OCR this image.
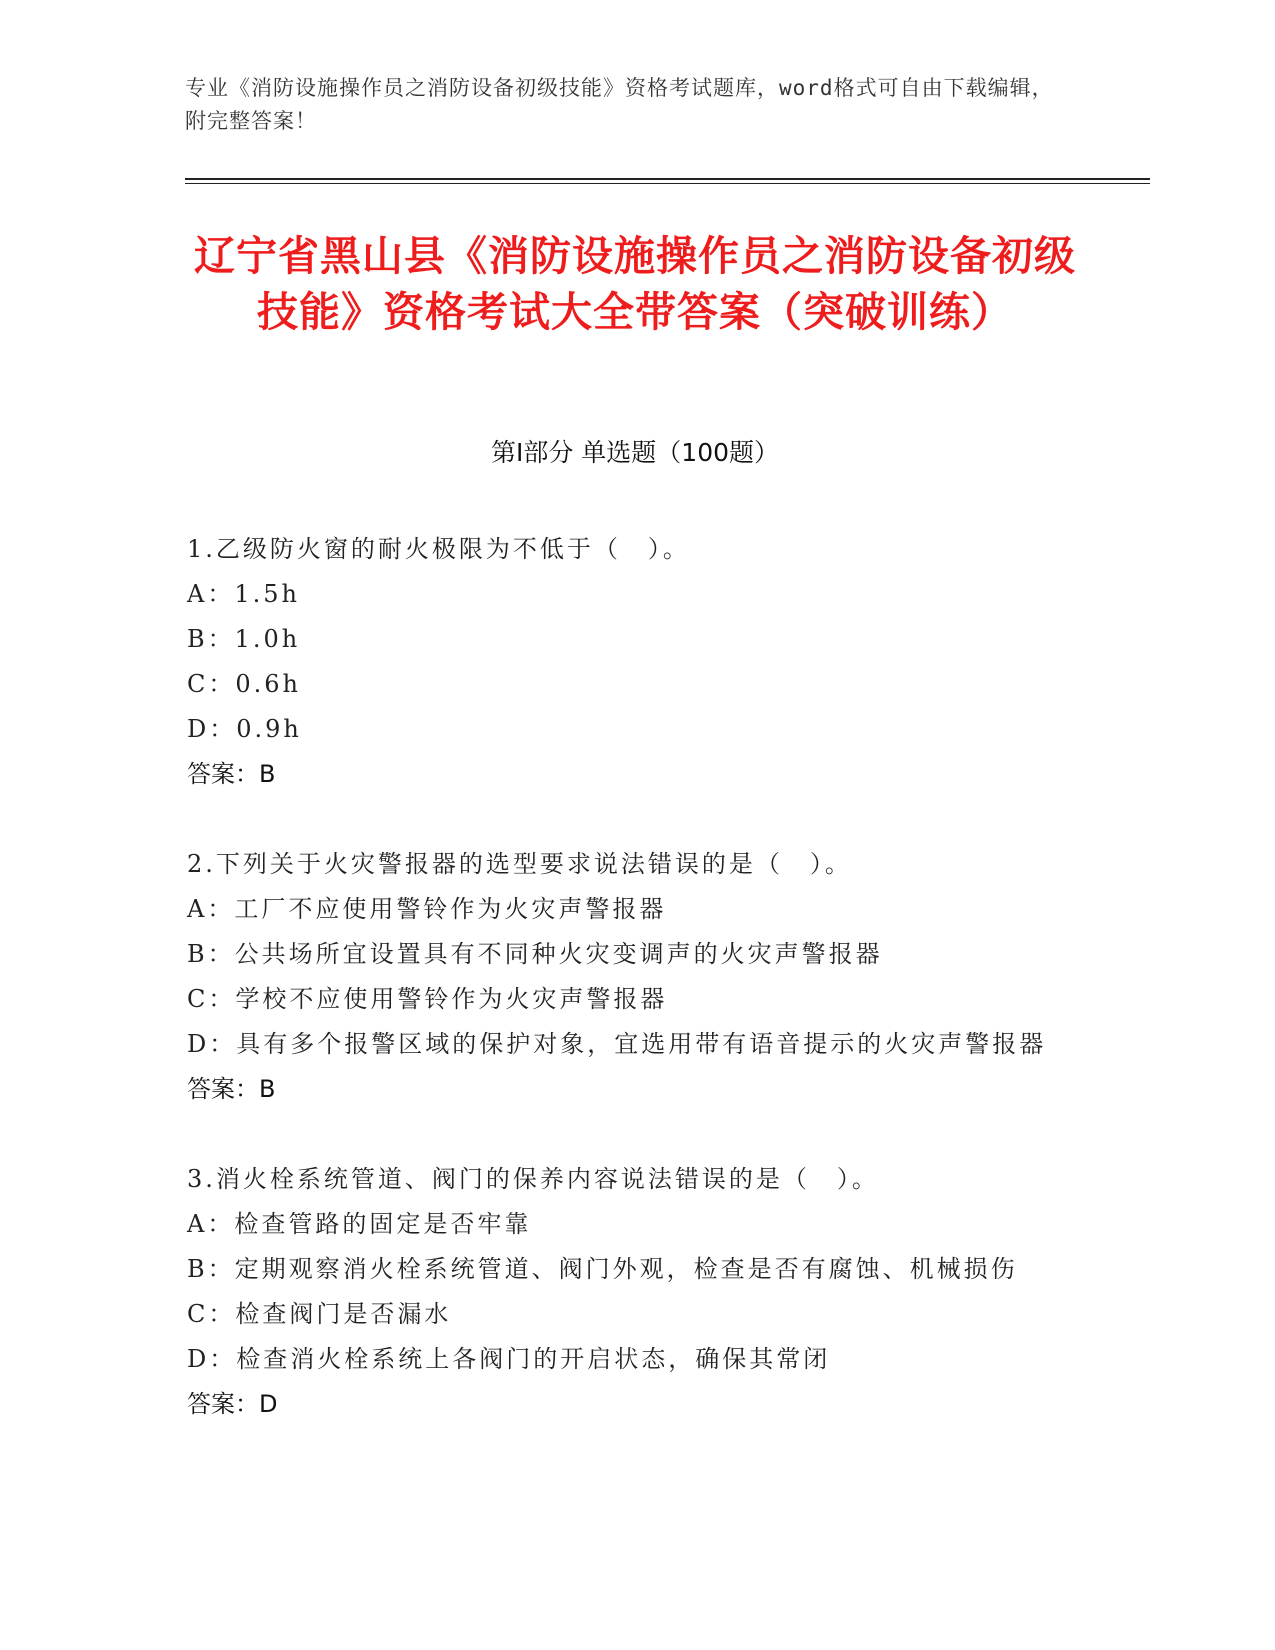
专业《消防设施操作员之消防设备初级技能》资格考试题库，word格式可自由下载编辑，附完整答案！
辽宁省黑山县《消防设施操作员之消防设备初级技能》资格考试大全带答案（突破训练）
第Ⅰ部分 单选题（100题）
1.乙级防火窗的耐火极限为不低于（　）。
A：1.5h
B：1.0h
C：0.6h
D：0.9h
答案：B
2.下列关于火灾警报器的选型要求说法错误的是（　）。
A：工厂不应使用警铃作为火灾声警报器
B：公共场所宜设置具有不同种火灾变调声的火灾声警报器
C：学校不应使用警铃作为火灾声警报器
D：具有多个报警区域的保护对象，宜选用带有语音提示的火灾声警报器
答案：B
3.消火栓系统管道、阀门的保养内容说法错误的是（　）。
A：检查管路的固定是否牢靠
B：定期观察消火栓系统管道、阀门外观，检查是否有腐蚀、机械损伤
C：检查阀门是否漏水
D：检查消火栓系统上各阀门的开启状态，确保其常闭
答案：D
